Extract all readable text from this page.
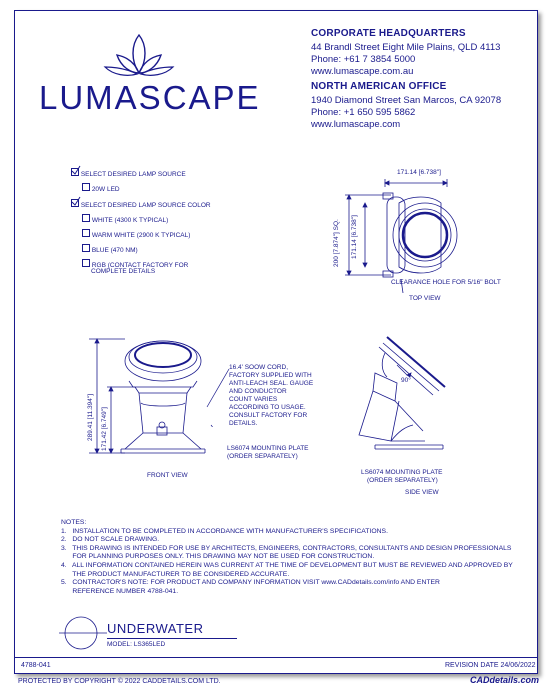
LUMASCAPE
CORPORATE HEADQUARTERS
44 Brandl Street Eight Mile Plains, QLD 4113
Phone: +61 7 3854 5000
www.lumascape.com.au
NORTH AMERICAN OFFICE
1940 Diamond Street San Marcos, CA 92078
Phone: +1 650 595 5862
www.lumascape.com
SELECT DESIRED LAMP SOURCE
20W LED
SELECT DESIRED LAMP SOURCE COLOR
WHITE (4300 K TYPICAL)
WARM WHITE (2900 K TYPICAL)
BLUE (470 NM)
RGB (CONTACT FACTORY FOR
COMPLETE DETAILS
171.14 [6.738"]
200 [7.874"] SQ. 171.14 [6.738"]
CLEARANCE HOLE FOR 5/16" BOLT
TOP VIEW
289.41 [11.394"] 171.42 [6.749"]
16.4' SOOW CORD,
FACTORY SUPPLIED WITH
ANTI-LEACH SEAL. GAUGE
AND CONDUCTOR
COUNT VARIES
ACCORDING TO USAGE.
CONSULT FACTORY FOR
DETAILS.
LS6074 MOUNTING PLATE
(ORDER SEPARATELY)
FRONT VIEW
90°
LS6074 MOUNTING PLATE
(ORDER SEPARATELY)
SIDE VIEW
NOTES:
1.   INSTALLATION TO BE COMPLETED IN ACCORDANCE WITH MANUFACTURER'S SPECIFICATIONS.
2.   DO NOT SCALE DRAWING.
3.   THIS DRAWING IS INTENDED FOR USE BY ARCHITECTS, ENGINEERS, CONTRACTORS, CONSULTANTS AND DESIGN PROFESSIONALS
FOR PLANNING PURPOSES ONLY. THIS DRAWING MAY NOT BE USED FOR CONSTRUCTION.
4.   ALL INFORMATION CONTAINED HEREIN WAS CURRENT AT THE TIME OF DEVELOPMENT BUT MUST BE REVIEWED AND APPROVED BY
THE PRODUCT MANUFACTURER TO BE CONSIDERED ACCURATE.
5.   CONTRACTOR'S NOTE: FOR PRODUCT AND COMPANY INFORMATION VISIT www.CADdetails.com/info AND ENTER
REFERENCE NUMBER 4788-041.
UNDERWATER
MODEL: LS365LED
4788-041	REVISION DATE 24/06/2022
PROTECTED BY COPYRIGHT © 2022 CADDETAILS.COM LTD.	CADdetails.com
